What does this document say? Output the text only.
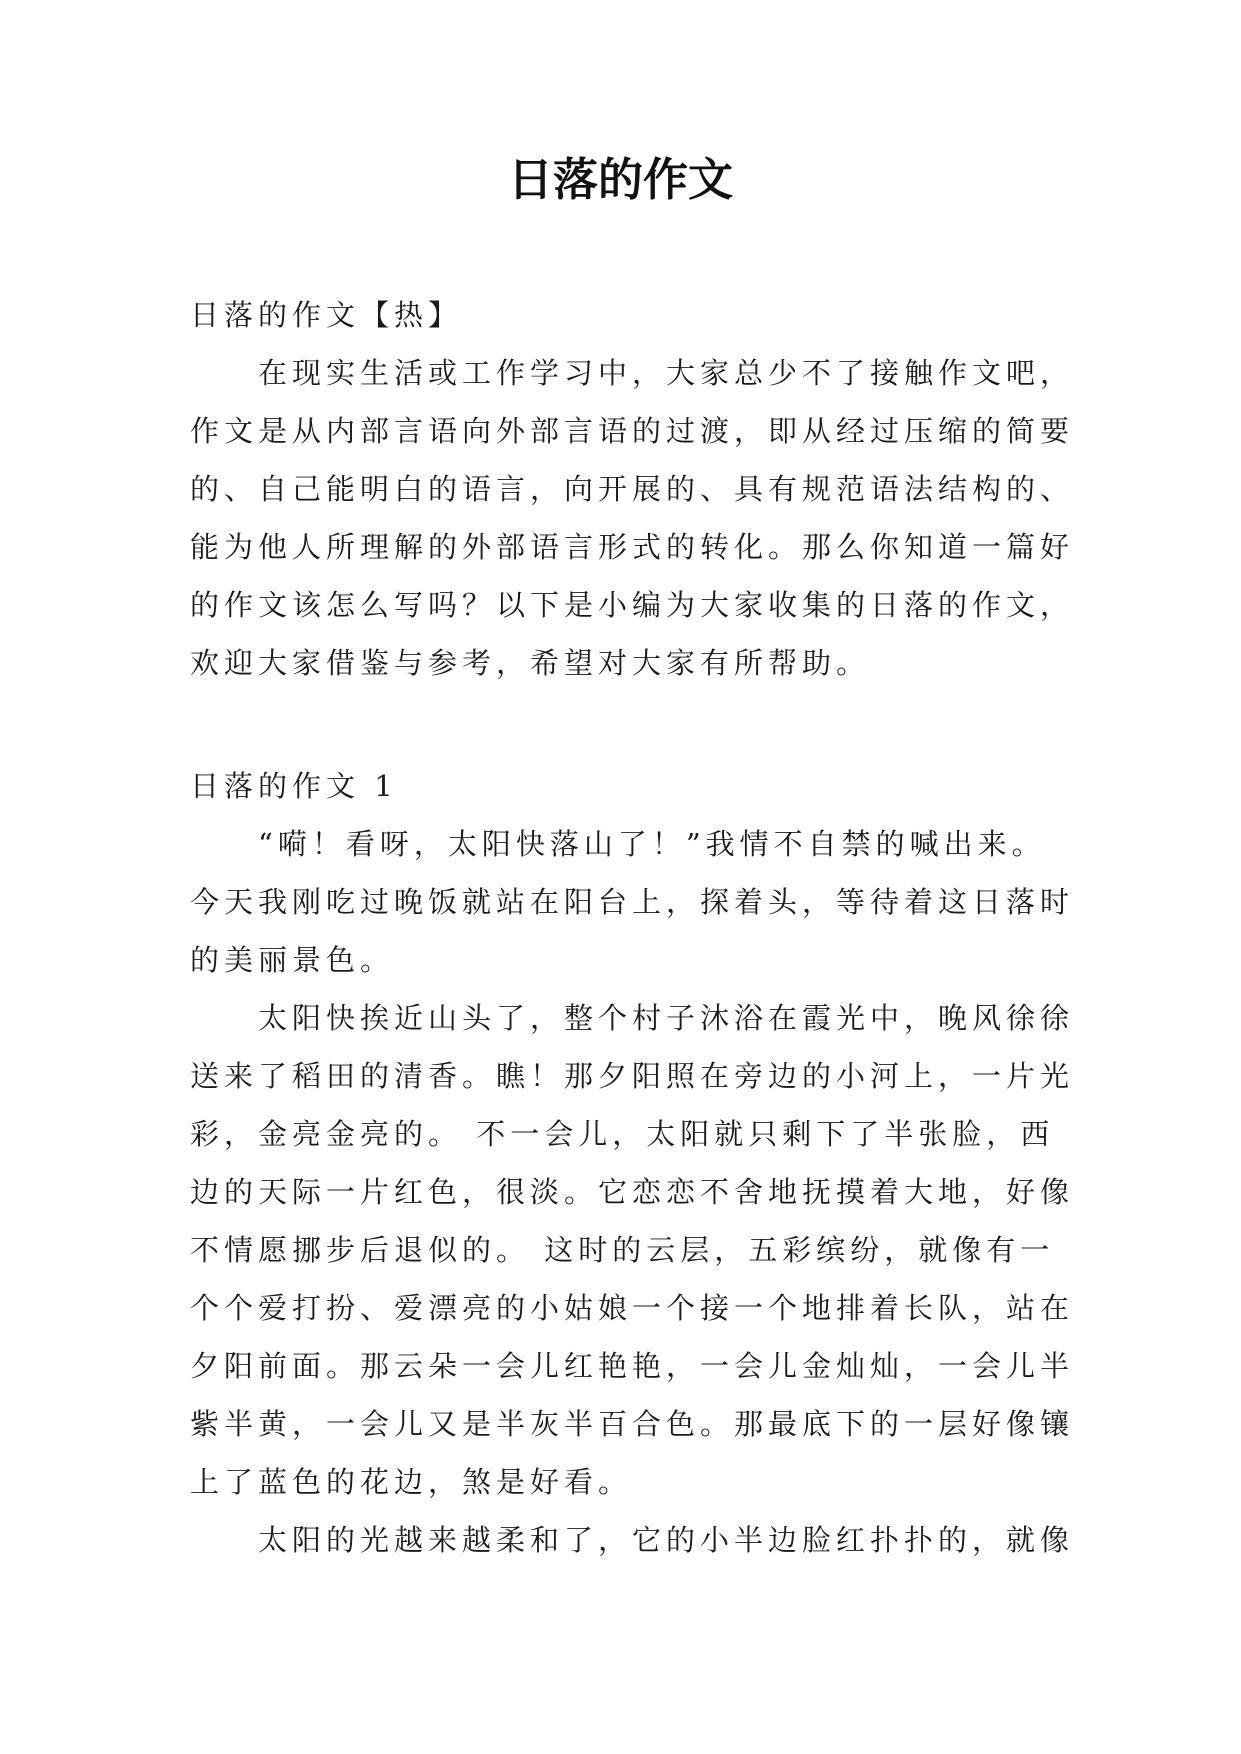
日落的作文
日落的作文【热】
在现实生活或工作学习中，大家总少不了接触作文吧，
作文是从内部言语向外部言语的过渡，即从经过压缩的简要
的、自己能明白的语言，向开展的、具有规范语法结构的、
能为他人所理解的外部语言形式的转化。那么你知道一篇好
的作文该怎么写吗？以下是小编为大家收集的日落的作文，
欢迎大家借鉴与参考，希望对大家有所帮助。
日落的作文 1
“嗬！看呀，太阳快落山了！”我情不自禁的喊出来。
今天我刚吃过晚饭就站在阳台上，探着头，等待着这日落时
的美丽景色。
太阳快挨近山头了，整个村子沐浴在霞光中，晚风徐徐
送来了稻田的清香。瞧！那夕阳照在旁边的小河上，一片光
彩，金亮金亮的。 不一会儿，太阳就只剩下了半张脸，西
边的天际一片红色，很淡。它恋恋不舍地抚摸着大地，好像
不情愿挪步后退似的。 这时的云层，五彩缤纷，就像有一
个个爱打扮、爱漂亮的小姑娘一个接一个地排着长队，站在
夕阳前面。那云朵一会儿红艳艳，一会儿金灿灿，一会儿半
紫半黄，一会儿又是半灰半百合色。那最底下的一层好像镶
上了蓝色的花边，煞是好看。
太阳的光越来越柔和了，它的小半边脸红扑扑的，就像
